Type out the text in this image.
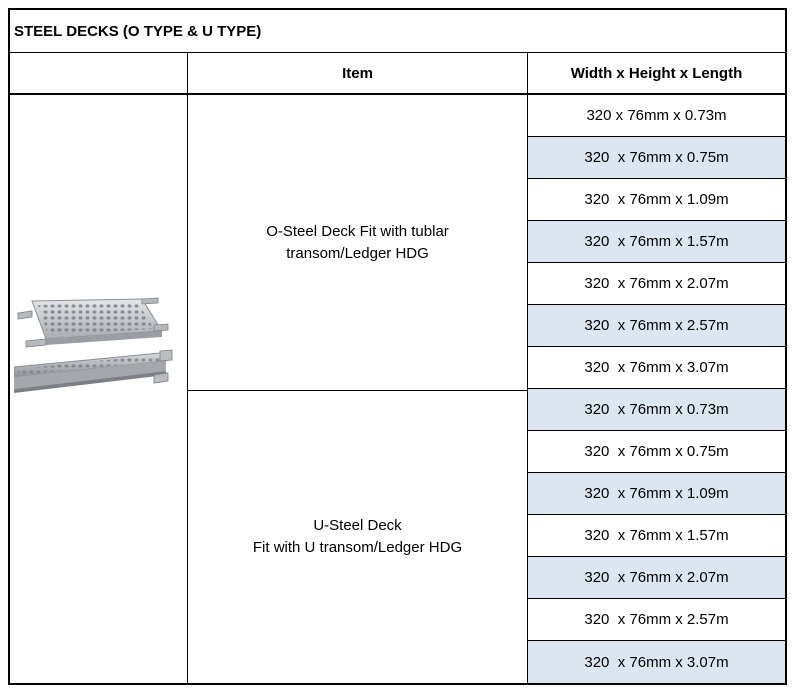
STEEL DECKS (O TYPE & U TYPE)
Item	Width x Height x Length
O-Steel Deck Fit with tublar
transom/Ledger HDG
U-Steel Deck
Fit with U transom/Ledger HDG
320 x 76mm x 0.73m
320  x 76mm x 0.75m
320  x 76mm x 1.09m
320  x 76mm x 1.57m
320  x 76mm x 2.07m
320  x 76mm x 2.57m
320  x 76mm x 3.07m
320  x 76mm x 0.73m
320  x 76mm x 0.75m
320  x 76mm x 1.09m
320  x 76mm x 1.57m
320  x 76mm x 2.07m
320  x 76mm x 2.57m
320  x 76mm x 3.07m
